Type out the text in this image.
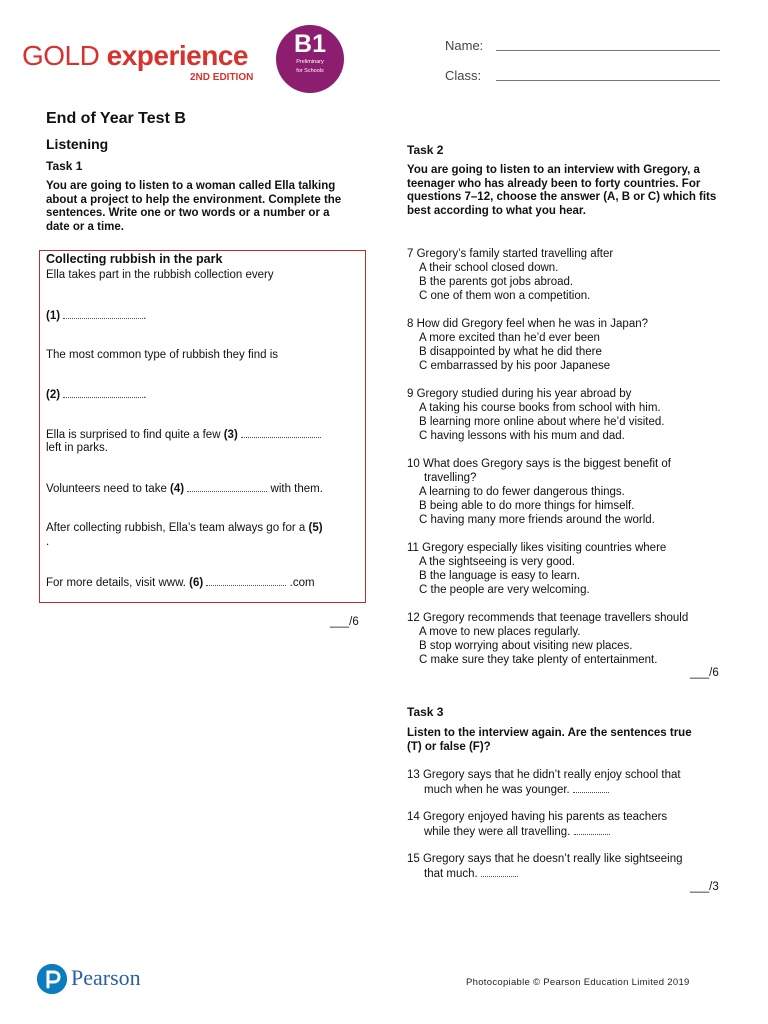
GOLD experience
2ND EDITION
B1
Preliminary
for Schools
Name:
Class:
End of Year Test B
Listening
Task 1
You are going to listen to a woman called Ella talking about a project to help the environment. Complete the sentences. Write one or two words or a number or a date or a time.
Collecting rubbish in the park
Ella takes part in the rubbish collection every
(1)	.
The most common type of rubbish they find is
(2)	.
Ella is surprised to find quite a few (3)
left in parks.
Volunteers need to take (4)	with them.
After collecting rubbish, Ella’s team always go for a (5)
.
For more details, visit www. (6)	.com
___/6
Task 2
You are going to listen to an interview with Gregory, a teenager who has already been to forty countries. For questions 7–12, choose the answer (A, B or C) which fits best according to what you hear.
7 Gregory’s family started travelling after
A their school closed down.
B the parents got jobs abroad.
C one of them won a competition.
8 How did Gregory feel when he was in Japan?
A more excited than he’d ever been
B disappointed by what he did there
C embarrassed by his poor Japanese
9 Gregory studied during his year abroad by
A taking his course books from school with him.
B learning more online about where he’d visited.
C having lessons with his mum and dad.
10 What does Gregory says is the biggest benefit of
travelling?
A learning to do fewer dangerous things.
B being able to do more things for himself.
C having many more friends around the world.
11 Gregory especially likes visiting countries where
A the sightseeing is very good.
B the language is easy to learn.
C the people are very welcoming.
12 Gregory recommends that teenage travellers should
A move to new places regularly.
B stop worrying about visiting new places.
C make sure they take plenty of entertainment.
___/6
Task 3
Listen to the interview again. Are the sentences true (T) or false (F)?
13 Gregory says that he didn’t really enjoy school that
much when he was younger.
14 Gregory enjoyed having his parents as teachers
while they were all travelling.
15 Gregory says that he doesn’t really like sightseeing
that much.
___/3
Pearson	Photocopiable © Pearson Education Limited 2019
